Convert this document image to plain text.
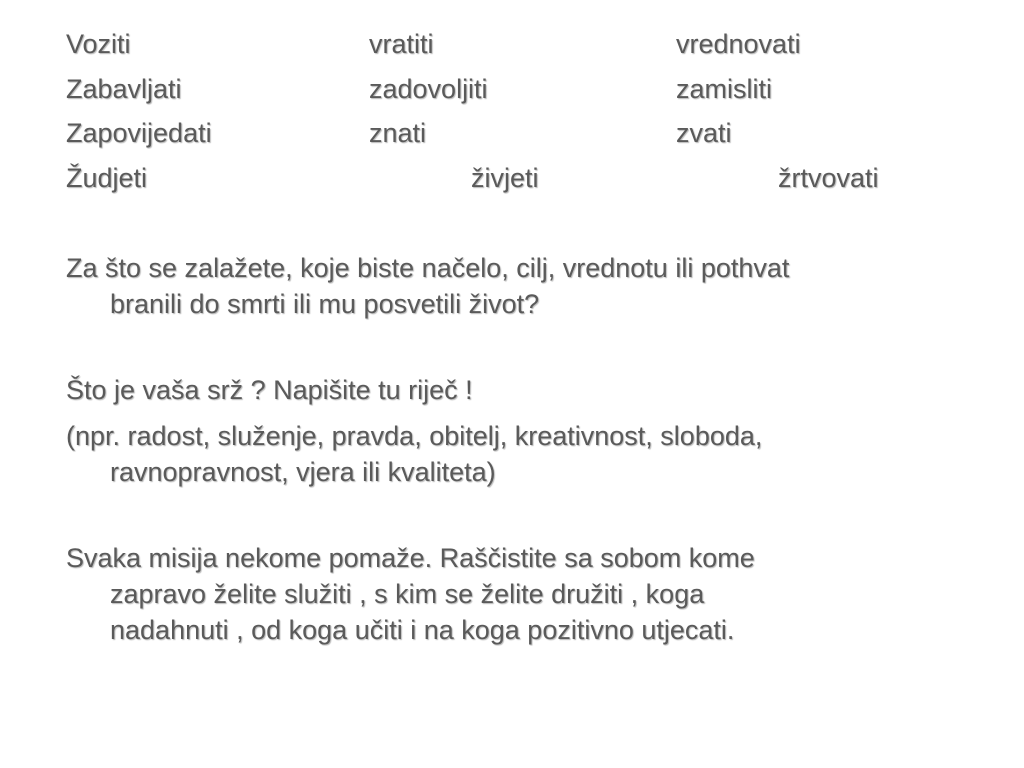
Voziti	vratiti	vrednovati
Zabavljati	zadovoljiti	zamisliti
Zapovijedati	znati	zvati
Žudjeti	živjeti	žrtvovati
Za što se zalažete, koje biste načelo, cilj, vrednotu ili pothvat
branili do smrti ili mu posvetili život?
Što je vaša srž ? Napišite tu riječ !
(npr. radost, služenje, pravda, obitelj, kreativnost, sloboda,
ravnopravnost, vjera ili kvaliteta)
Svaka misija nekome pomaže. Raščistite sa sobom kome
zapravo želite služiti , s kim se želite družiti , koga
nadahnuti , od koga učiti i na koga pozitivno utjecati.
